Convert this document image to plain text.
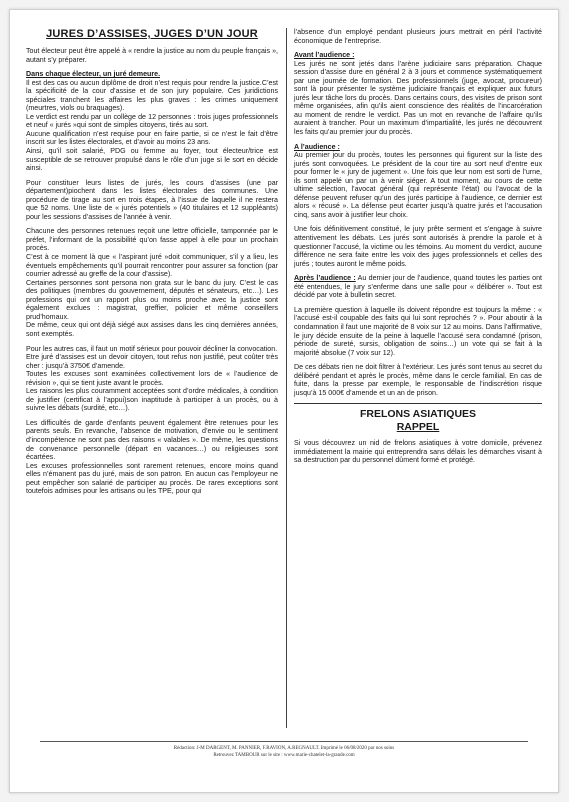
JURES D’ASSISES, JUGES D’UN JOUR

Tout électeur peut être appelé à « rendre la justice au nom du peuple français », autant s’y préparer.

Dans chaque électeur, un juré demeure.
Il est des cas ou aucun diplôme de droit n’est requis pour rendre la justice.C’est la spécificité de la cour d’assise et de son jury populaire. Ces juridictions spéciales tranchent les affaires les plus graves : les crimes uniquement (meurtres, viols ou braquages).
Le verdict est rendu par un collège de 12 personnes : trois juges professionnels et neuf « jurés »qui sont de simples citoyens, tirés au sort.
Aucune qualification n’est requise pour en faire partie, si ce n’est le fait d’être inscrit sur les listes électorales, et d’avoir au moins 23 ans.

Ainsi, qu’il soit salarié, PDG ou femme au foyer, tout électeur/trice est susceptible de se retrouver propulsé dans le rôle d’un juge si le sort en décide ainsi.

Pour constituer leurs listes de jurés, les cours d’assises (une par département)piochent dans les listes électorales des communes. Une procédure de tirage au sort en trois étapes, à l’issue de laquelle il ne restera que 52 noms. Une liste de « jurés potentiels » (40 titulaires et 12 suppléants) pour les sessions d’assises de l’année à venir.

Chacune des personnes retenues reçoit une lettre officielle, tamponnée par le préfet, l’informant de la possibilité qu’on fasse appel à elle pour un prochain procès.
C’est à ce moment là que « l’aspirant juré »doit communiquer, s’il y a lieu, les éventuels empêchements qu’il pourrait rencontrer pour assurer sa fonction (par courrier adressé au greffe de la cour d’assise).
Certaines personnes sont persona non grata sur le banc du jury. C’est le cas des politiques (membres du gouvernement, députés et sénateurs, etc…). Les professions qui ont un rapport plus ou moins proche avec la justice sont également exclues : magistrat, greffier, policier et même conseillers prud’homaux.

De même, ceux qui ont déjà siégé aux assises dans les cinq dernières années, sont exemptés.

Pour les autres cas, il faut un motif sérieux pour pouvoir décliner la convocation.
Etre juré d’assises est un devoir citoyen, tout refus non justifié, peut coûter très cher : jusqu’à 3750€ d’amende.
Toutes les excuses sont examinées collectivement lors de « l’audience de révision », qui se tient juste avant le procès.

Les raisons les plus couramment acceptées sont d’ordre médicales, à condition de justifier (certificat à l’appui)son inaptitude à participer à un procès, ou à suivre les débats (surdité, etc…).

Les difficultés de garde d’enfants peuvent également être retenues pour les parents seuls. En revanche, l’absence de motivation, d’envie ou le sentiment d’incompétence ne sont pas des raisons « valables ». De même, les questions de convenance personnelle (départ en vacances…) ou religieuses sont écartées.
Les excuses professionnelles sont rarement retenues, encore moins quand elles n’émanent pas du juré, mais de son patron. En aucun cas l’employeur ne peut empêcher son salarié de participer au procès. De rares exceptions sont toutefois admises pour les artisans ou les TPE, pour qui

l’absence d’un employé pendant plusieurs jours mettrait en péril l’activité économique de l’entreprise.

Avant l’audience :

Les jurés ne sont jetés dans l’arène judiciaire sans préparation. Chaque session d’assise dure en général 2 à 3 jours et commence systématiquement par une journée de formation. Des professionnels (juge, avocat, procureur) sont là pour présenter le système judiciaire français et expliquer aux futurs jurés leur tâche lors du procès. Dans certains cours, des visites de prison sont même organisées, afin qu’ils aient conscience des réalités de l’incarcération au moment de rendre le verdict. Pas un mot en revanche de l’affaire qu’ils auraient à trancher. Pour un maximum d’impartialité, les jurés ne découvrent les faits qu’au premier jour du procès.

A l’audience :

Au premier jour du procès, toutes les personnes qui figurent sur la liste des jurés sont convoquées. Le président de la cour tire au sort neuf d’entre eux pour former le « jury de jugement ». Une fois que leur nom est sorti de l’urne, ils sont appelé un par un à venir siéger. A tout moment, au cours de cette ultime sélection, l’avocat général (qui représente l’état) ou l’avocat de la défense peuvent refuser qu’un des jurés participe à l’audience, ce dernier est alors « récusé ». La défense peut écarter jusqu’à quatre jurés et l’accusation cinq, sans avoir à justifier leur choix.

Une fois définitivement constitué, le jury prête serment et s’engage à suivre attentivement les débats. Les jurés sont autorisés à prendre la parole et à questionner l’accusé, la victime ou les témoins. Au moment du verdict, aucune différence ne sera faite entre les voix des juges professionnels et celles des jurés ; toutes auront le même poids.

Après l’audience : Au dernier jour de l’audience, quand toutes les parties ont été entendues, le jury s’enferme dans une salle pour « délibérer ». Tout est décidé par vote à bulletin secret.

La première question à laquelle ils doivent répondre est toujours la même : « l’accusé est-il coupable des faits qui lui sont reprochés ? ». Pour aboutir à la condamnation il faut une majorité de 8 voix sur 12 au moins. Dans l’affirmative, le jury décide ensuite de la peine à laquelle l’accusé sera condamné (prison, période de sureté, sursis, obligation de soins…) un vote qui se fait à la majorité absolue (7 voix sur 12).

De ces débats rien ne doit filtrer à l’extérieur. Les jurés sont tenus au secret du délibéré pendant et après le procès, même dans le cercle familial. En cas de fuite, dans la presse par exemple, le responsable de l’indiscrétion risque jusqu’à 15 000€ d’amende et un an de prison.

FRELONS ASIATIQUES
RAPPEL

Si vous découvrez un nid de frelons asiatiques à votre domicile, prévenez immédiatement la mairie qui entreprendra sans délais les démarches visant à sa destruction par du personnel dûment formé et protégé.

Rédaction: J-M DARGENT, M. PANNIER, F.RAVION, A.REGNAULT. Imprimé le 06/08/2020 par nos soins
Retrouvez TAMBOUR sur le site : www.marie-chatelet-la-grande.com
